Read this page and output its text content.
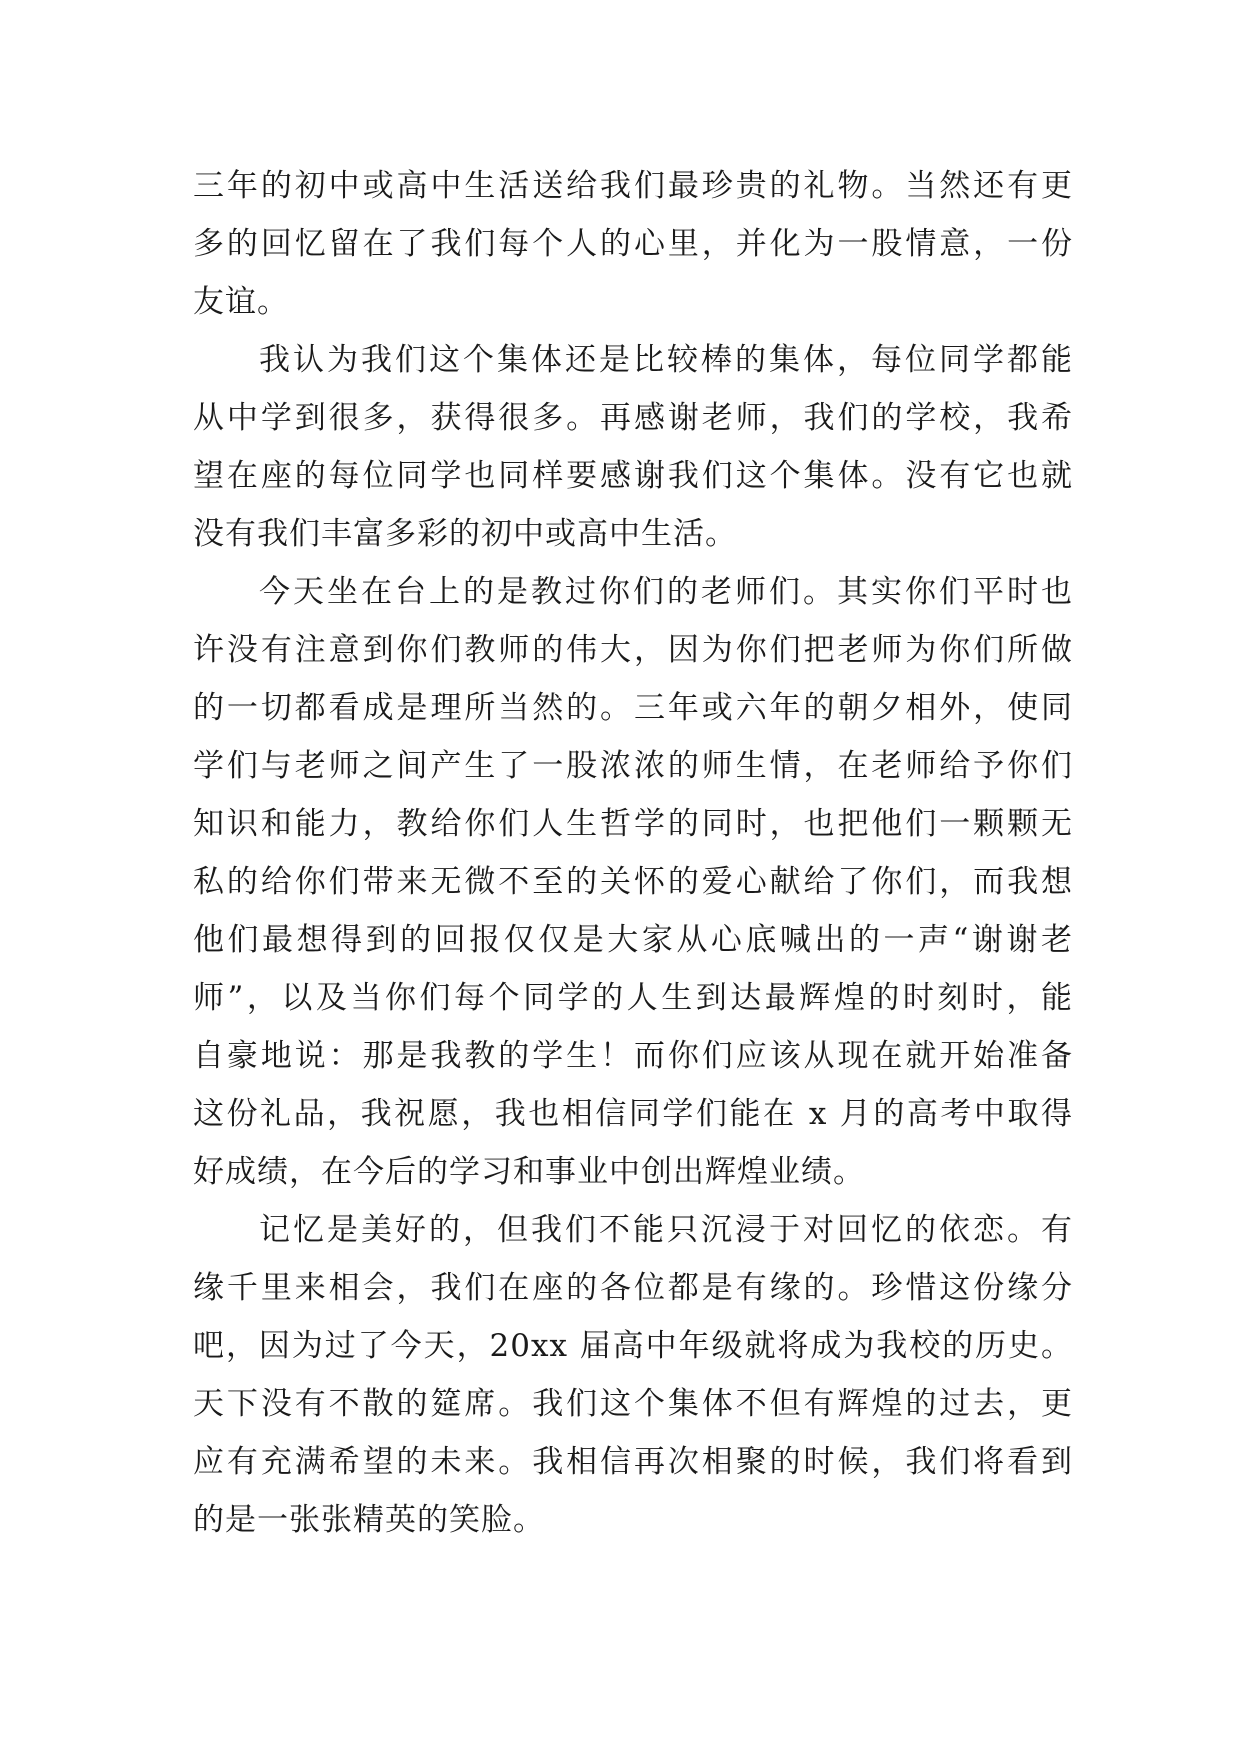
三年的初中或高中生活送给我们最珍贵的礼物。当然还有更
多的回忆留在了我们每个人的心里，并化为一股情意，一份
友谊。
我认为我们这个集体还是比较棒的集体，每位同学都能
从中学到很多，获得很多。再感谢老师，我们的学校，我希
望在座的每位同学也同样要感谢我们这个集体。没有它也就
没有我们丰富多彩的初中或高中生活。
今天坐在台上的是教过你们的老师们。其实你们平时也
许没有注意到你们教师的伟大，因为你们把老师为你们所做
的一切都看成是理所当然的。三年或六年的朝夕相外，使同
学们与老师之间产生了一股浓浓的师生情，在老师给予你们
知识和能力，教给你们人生哲学的同时，也把他们一颗颗无
私的给你们带来无微不至的关怀的爱心献给了你们，而我想
他们最想得到的回报仅仅是大家从心底喊出的一声“谢谢老
师”，以及当你们每个同学的人生到达最辉煌的时刻时，能
自豪地说：那是我教的学生！而你们应该从现在就开始准备
这份礼品，我祝愿，我也相信同学们能在 x 月的高考中取得
好成绩，在今后的学习和事业中创出辉煌业绩。
记忆是美好的，但我们不能只沉浸于对回忆的依恋。有
缘千里来相会，我们在座的各位都是有缘的。珍惜这份缘分
吧，因为过了今天，20xx 届高中年级就将成为我校的历史。
天下没有不散的筵席。我们这个集体不但有辉煌的过去，更
应有充满希望的未来。我相信再次相聚的时候，我们将看到
的是一张张精英的笑脸。
